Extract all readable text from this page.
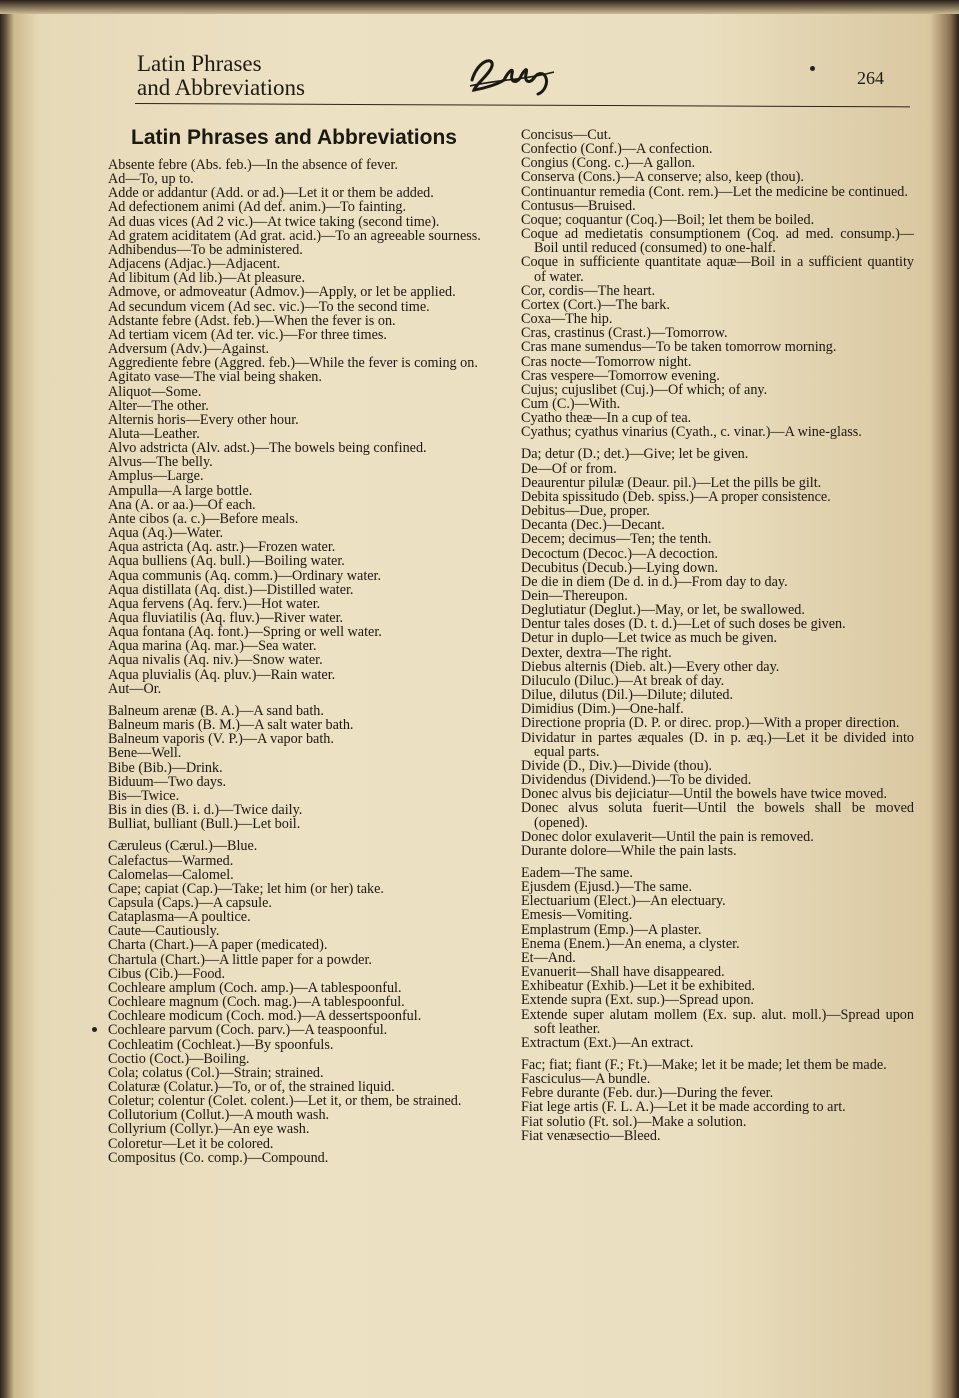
Latin Phrases
and Abbreviations	264
Latin Phrases and Abbreviations
Absente febre (Abs. feb.)—In the absence of fever.
Ad—To, up to.
Adde or addantur (Add. or ad.)—Let it or them be added.
Ad defectionem animi (Ad def. anim.)—To fainting.
Ad duas vices (Ad 2 vic.)—At twice taking (second time).
Ad gratem aciditatem (Ad grat. acid.)—To an agreeable sourness.
Adhibendus—To be administered.
Adjacens (Adjac.)—Adjacent.
Ad libitum (Ad lib.)—At pleasure.
Admove, or admoveatur (Admov.)—Apply, or let be applied.
Ad secundum vicem (Ad sec. vic.)—To the second time.
Adstante febre (Adst. feb.)—When the fever is on.
Ad tertiam vicem (Ad ter. vic.)—For three times.
Adversum (Adv.)—Against.
Aggrediente febre (Aggred. feb.)—While the fever is coming on.
Agitato vase—The vial being shaken.
Aliquot—Some.
Alter—The other.
Alternis horis—Every other hour.
Aluta—Leather.
Alvo adstricta (Alv. adst.)—The bowels being confined.
Alvus—The belly.
Amplus—Large.
Ampulla—A large bottle.
Ana (A. or aa.)—Of each.
Ante cibos (a. c.)—Before meals.
Aqua (Aq.)—Water.
Aqua astricta (Aq. astr.)—Frozen water.
Aqua bulliens (Aq. bull.)—Boiling water.
Aqua communis (Aq. comm.)—Ordinary water.
Aqua distillata (Aq. dist.)—Distilled water.
Aqua fervens (Aq. ferv.)—Hot water.
Aqua fluviatilis (Aq. fluv.)—River water.
Aqua fontana (Aq. font.)—Spring or well water.
Aqua marina (Aq. mar.)—Sea water.
Aqua nivalis (Aq. niv.)—Snow water.
Aqua pluvialis (Aq. pluv.)—Rain water.
Aut—Or.
Balneum arenæ (B. A.)—A sand bath.
Balneum maris (B. M.)—A salt water bath.
Balneum vaporis (V. P.)—A vapor bath.
Bene—Well.
Bibe (Bib.)—Drink.
Biduum—Two days.
Bis—Twice.
Bis in dies (B. i. d.)—Twice daily.
Bulliat, bulliant (Bull.)—Let boil.
Cæruleus (Cærul.)—Blue.
Calefactus—Warmed.
Calomelas—Calomel.
Cape; capiat (Cap.)—Take; let him (or her) take.
Capsula (Caps.)—A capsule.
Cataplasma—A poultice.
Caute—Cautiously.
Charta (Chart.)—A paper (medicated).
Chartula (Chart.)—A little paper for a powder.
Cibus (Cib.)—Food.
Cochleare amplum (Coch. amp.)—A tablespoonful.
Cochleare magnum (Coch. mag.)—A tablespoonful.
Cochleare modicum (Coch. mod.)—A dessertspoonful.
Cochleare parvum (Coch. parv.)—A teaspoonful.
Cochleatim (Cochleat.)—By spoonfuls.
Coctio (Coct.)—Boiling.
Cola; colatus (Col.)—Strain; strained.
Colaturæ (Colatur.)—To, or of, the strained liquid.
Coletur; colentur (Colet. colent.)—Let it, or them, be strained.
Collutorium (Collut.)—A mouth wash.
Collyrium (Collyr.)—An eye wash.
Coloretur—Let it be colored.
Compositus (Co. comp.)—Compound.
Concisus—Cut.
Confectio (Conf.)—A confection.
Congius (Cong. c.)—A gallon.
Conserva (Cons.)—A conserve; also, keep (thou).
Continuantur remedia (Cont. rem.)—Let the medicine be continued.
Contusus—Bruised.
Coque; coquantur (Coq.)—Boil; let them be boiled.
Coque ad medietatis consumptionem (Coq. ad med. consump.)—Boil until reduced (consumed) to one-half.
Coque in sufficiente quantitate aquæ—Boil in a sufficient quantity of water.
Cor, cordis—The heart.
Cortex (Cort.)—The bark.
Coxa—The hip.
Cras, crastinus (Crast.)—Tomorrow.
Cras mane sumendus—To be taken tomorrow morning.
Cras nocte—Tomorrow night.
Cras vespere—Tomorrow evening.
Cujus; cujuslibet (Cuj.)—Of which; of any.
Cum (C.)—With.
Cyatho theæ—In a cup of tea.
Cyathus; cyathus vinarius (Cyath., c. vinar.)—A wine-glass.
Da; detur (D.; det.)—Give; let be given.
De—Of or from.
Deaurentur pilulæ (Deaur. pil.)—Let the pills be gilt.
Debita spissitudo (Deb. spiss.)—A proper consistence.
Debitus—Due, proper.
Decanta (Dec.)—Decant.
Decem; decimus—Ten; the tenth.
Decoctum (Decoc.)—A decoction.
Decubitus (Decub.)—Lying down.
De die in diem (De d. in d.)—From day to day.
Dein—Thereupon.
Deglutiatur (Deglut.)—May, or let, be swallowed.
Dentur tales doses (D. t. d.)—Let of such doses be given.
Detur in duplo—Let twice as much be given.
Dexter, dextra—The right.
Diebus alternis (Dieb. alt.)—Every other day.
Diluculo (Diluc.)—At break of day.
Dilue, dilutus (Dil.)—Dilute; diluted.
Dimidius (Dim.)—One-half.
Directione propria (D. P. or direc. prop.)—With a proper direction.
Dividatur in partes æquales (D. in p. æq.)—Let it be divided into equal parts.
Divide (D., Div.)—Divide (thou).
Dividendus (Dividend.)—To be divided.
Donec alvus bis dejiciatur—Until the bowels have twice moved.
Donec alvus soluta fuerit—Until the bowels shall be moved (opened).
Donec dolor exulaverit—Until the pain is removed.
Durante dolore—While the pain lasts.
Eadem—The same.
Ejusdem (Ejusd.)—The same.
Electuarium (Elect.)—An electuary.
Emesis—Vomiting.
Emplastrum (Emp.)—A plaster.
Enema (Enem.)—An enema, a clyster.
Et—And.
Evanuerit—Shall have disappeared.
Exhibeatur (Exhib.)—Let it be exhibited.
Extende supra (Ext. sup.)—Spread upon.
Extende super alutam mollem (Ex. sup. alut. moll.)—Spread upon soft leather.
Extractum (Ext.)—An extract.
Fac; fiat; fiant (F.; Ft.)—Make; let it be made; let them be made.
Fasciculus—A bundle.
Febre durante (Feb. dur.)—During the fever.
Fiat lege artis (F. L. A.)—Let it be made according to art.
Fiat solutio (Ft. sol.)—Make a solution.
Fiat venæsectio—Bleed.
